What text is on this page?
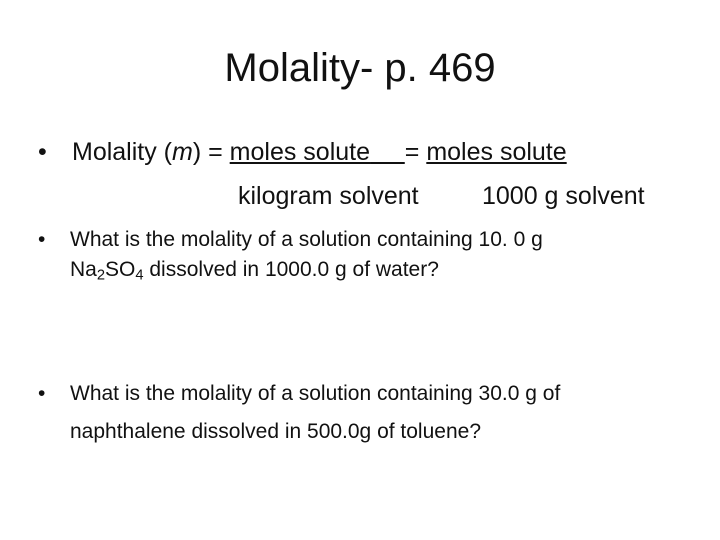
Molality- p. 469
• Molality (m) = moles solute = moles solute
kilogram solvent	1000 g solvent
• What is the molality of a solution containing 10. 0 g
$Na_2SO_4$ dissolved in 1000.0 g of water?
• What is the molality of a solution containing 30.0 g of
naphthalene dissolved in 500.0g of toluene?
